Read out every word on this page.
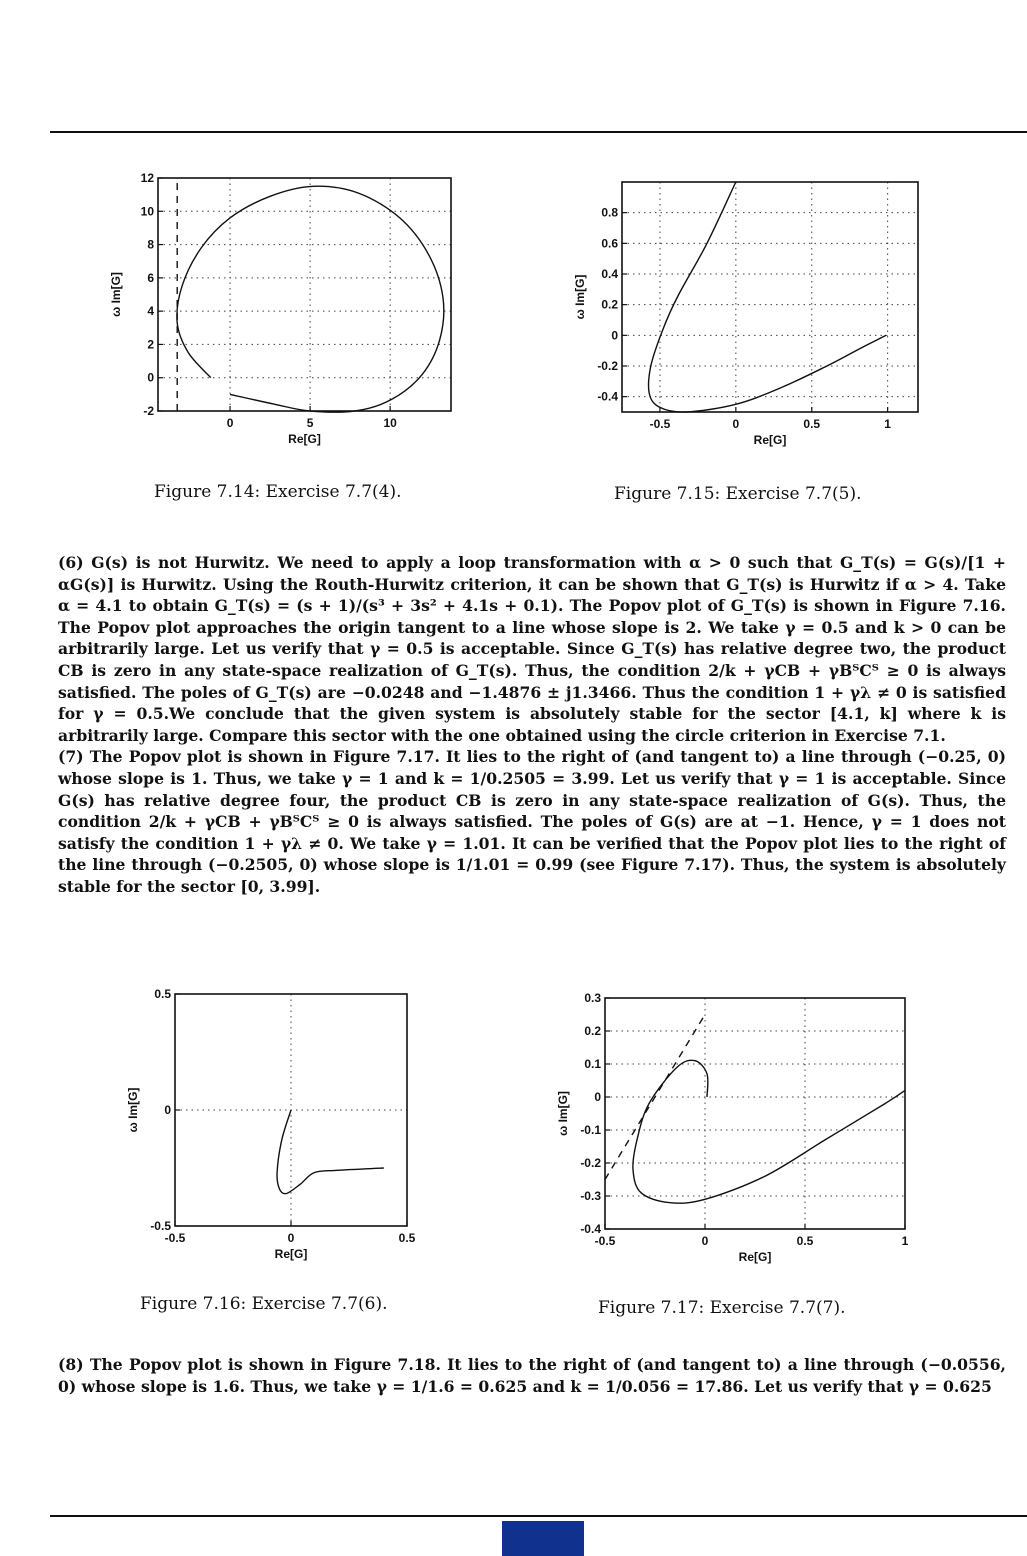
0	5	10
12
10
8
6
4
2
0
-2
Re[G]
ω Im[G]
Figure 7.14: Exercise 7.7(4).
-0.5	0	0.5	1
0.8
0.6
0.4
0.2
0
-0.2
-0.4
Re[G]
ω Im[G]
Figure 7.15: Exercise 7.7(5).

(6) G(s) is not Hurwitz. We need to apply a loop transformation with α > 0 such that G_T(s) = G(s)/[1 + αG(s)] is Hurwitz. Using the Routh-Hurwitz criterion, it can be shown that G_T(s) is Hurwitz if α > 4. Take α = 4.1 to obtain G_T(s) = (s + 1)/(s³ + 3s² + 4.1s + 0.1). The Popov plot of G_T(s) is shown in Figure 7.16. The Popov plot approaches the origin tangent to a line whose slope is 2. We take γ = 0.5 and k > 0 can be arbitrarily large. Let us verify that γ = 0.5 is acceptable. Since G_T(s) has relative degree two, the product CB is zero in any state-space realization of G_T(s). Thus, the condition 2/k + γCB + γBᵀCᵀ ≥ 0 is always satisfied. The poles of G_T(s) are −0.0248 and −1.4876 ± j1.3466. Thus the condition 1 + γλ ≠ 0 is satisfied for γ = 0.5.We conclude that the given system is absolutely stable for the sector [4.1, k] where k is arbitrarily large. Compare this sector with the one obtained using the circle criterion in Exercise 7.1.

(7) The Popov plot is shown in Figure 7.17. It lies to the right of (and tangent to) a line through (−0.25, 0) whose slope is 1. Thus, we take γ = 1 and k = 1/0.2505 = 3.99. Let us verify that γ = 1 is acceptable. Since G(s) has relative degree four, the product CB is zero in any state-space realization of G(s). Thus, the condition 2/k + γCB + γBᵀCᵀ ≥ 0 is always satisfied. The poles of G(s) are at −1. Hence, γ = 1 does not satisfy the condition 1 + γλ ≠ 0. We take γ = 1.01. It can be verified that the Popov plot lies to the right of the line through (−0.2505, 0) whose slope is 1/1.01 = 0.99 (see Figure 7.17). Thus, the system is absolutely stable for the sector [0, 3.99].

-0.5	0	0.5
0.5
0
-0.5
Re[G]
ω Im[G]
Figure 7.16: Exercise 7.7(6).
-0.5	0	0.5	1
0.3
0.2
0.1
0
-0.1
-0.2
-0.3
-0.4
Re[G]
ω Im[G]
Figure 7.17: Exercise 7.7(7).

(8) The Popov plot is shown in Figure 7.18. It lies to the right of (and tangent to) a line through (−0.0556, 0) whose slope is 1.6. Thus, we take γ = 1/1.6 = 0.625 and k = 1/0.056 = 17.86. Let us verify that γ = 0.625
